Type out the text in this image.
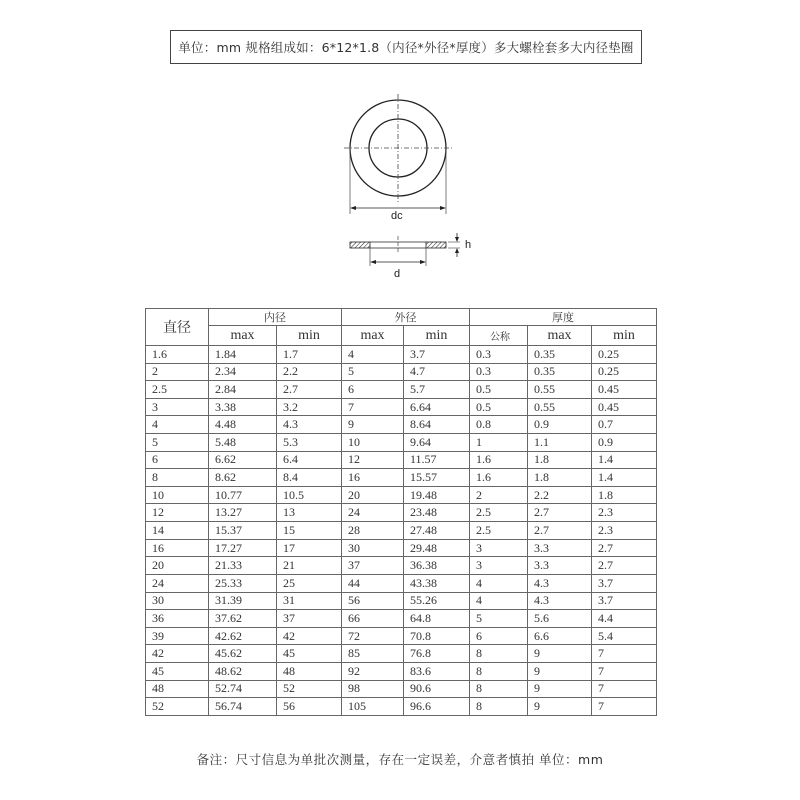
单位：mm 规格组成如：6*12*1.8（内径*外径*厚度）多大螺栓套多大内径垫圈
dc
h
d
直径	内径		外径		厚度		
	max	min	max	min	公称	max	min
1.6	1.84	1.7	4	3.7	0.3	0.35	0.25
2	2.34	2.2	5	4.7	0.3	0.35	0.25
2.5	2.84	2.7	6	5.7	0.5	0.55	0.45
3	3.38	3.2	7	6.64	0.5	0.55	0.45
4	4.48	4.3	9	8.64	0.8	0.9	0.7
5	5.48	5.3	10	9.64	1	1.1	0.9
6	6.62	6.4	12	11.57	1.6	1.8	1.4
8	8.62	8.4	16	15.57	1.6	1.8	1.4
10	10.77	10.5	20	19.48	2	2.2	1.8
12	13.27	13	24	23.48	2.5	2.7	2.3
14	15.37	15	28	27.48	2.5	2.7	2.3
16	17.27	17	30	29.48	3	3.3	2.7
20	21.33	21	37	36.38	3	3.3	2.7
24	25.33	25	44	43.38	4	4.3	3.7
30	31.39	31	56	55.26	4	4.3	3.7
36	37.62	37	66	64.8	5	5.6	4.4
39	42.62	42	72	70.8	6	6.6	5.4
42	45.62	45	85	76.8	8	9	7
45	48.62	48	92	83.6	8	9	7
48	52.74	52	98	90.6	8	9	7
52	56.74	56	105	96.6	8	9	7
备注：尺寸信息为单批次测量，存在一定误差，介意者慎拍 单位：mm
